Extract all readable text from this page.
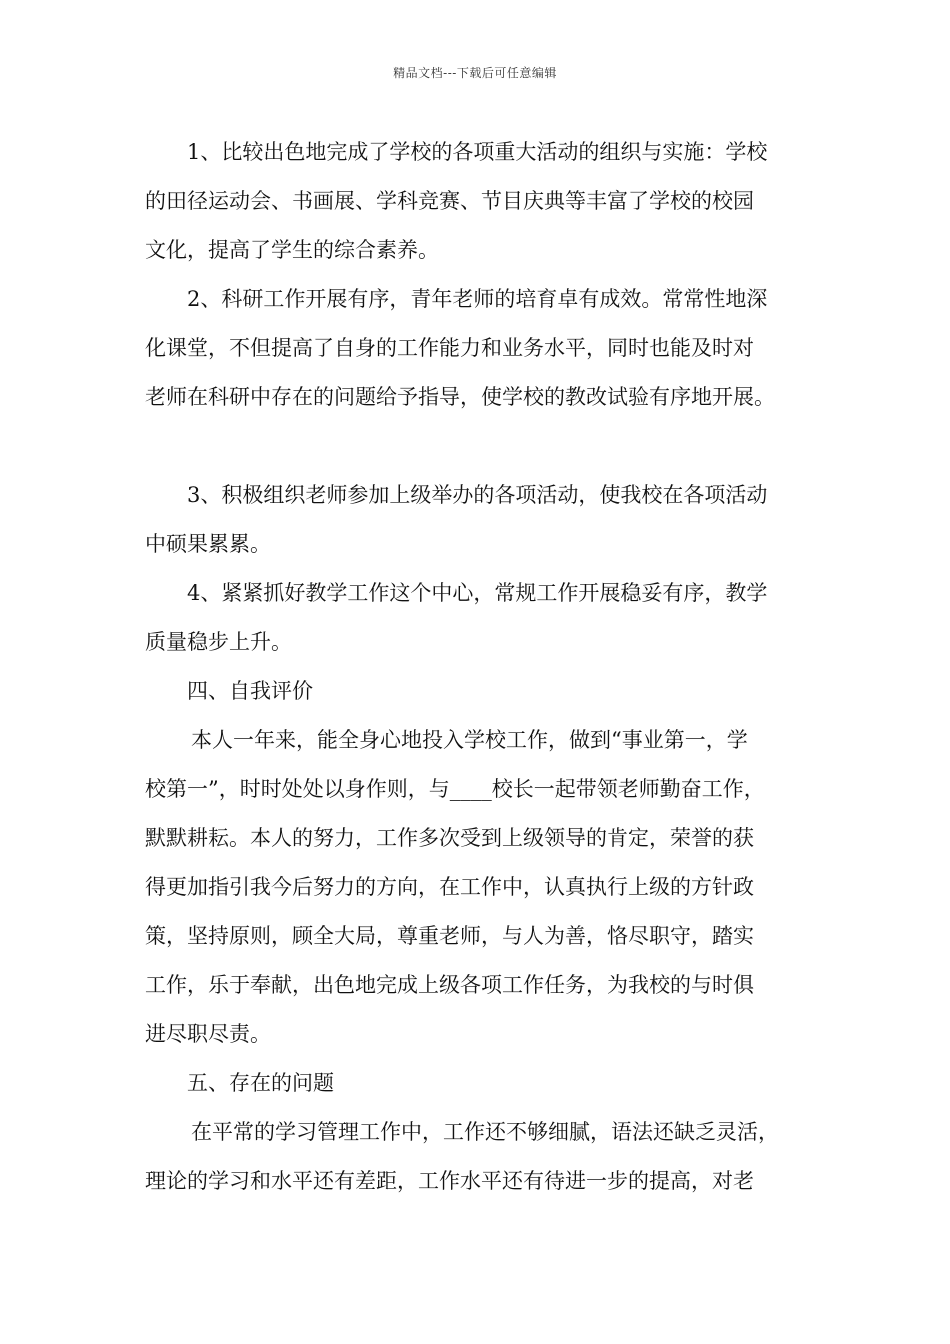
精品文档---下载后可任意编辑
1、比较出色地完成了学校的各项重大活动的组织与实施：学校
的田径运动会、书画展、学科竞赛、节目庆典等丰富了学校的校园
文化，提高了学生的综合素养。
2、科研工作开展有序，青年老师的培育卓有成效。常常性地深
化课堂，不但提高了自身的工作能力和业务水平，同时也能及时对
老师在科研中存在的问题给予指导，使学校的教改试验有序地开展。
3、积极组织老师参加上级举办的各项活动，使我校在各项活动
中硕果累累。
4、紧紧抓好教学工作这个中心，常规工作开展稳妥有序，教学
质量稳步上升。
四、自我评价
本人一年来，能全身心地投入学校工作，做到“事业第一，学
校第一”，时时处处以身作则，与____校长一起带领老师勤奋工作，
默默耕耘。本人的努力，工作多次受到上级领导的肯定，荣誉的获
得更加指引我今后努力的方向，在工作中，认真执行上级的方针政
策，坚持原则，顾全大局，尊重老师，与人为善，恪尽职守，踏实
工作，乐于奉献，出色地完成上级各项工作任务，为我校的与时俱
进尽职尽责。
五、存在的问题
在平常的学习管理工作中，工作还不够细腻，语法还缺乏灵活，
理论的学习和水平还有差距，工作水平还有待进一步的提高，对老
